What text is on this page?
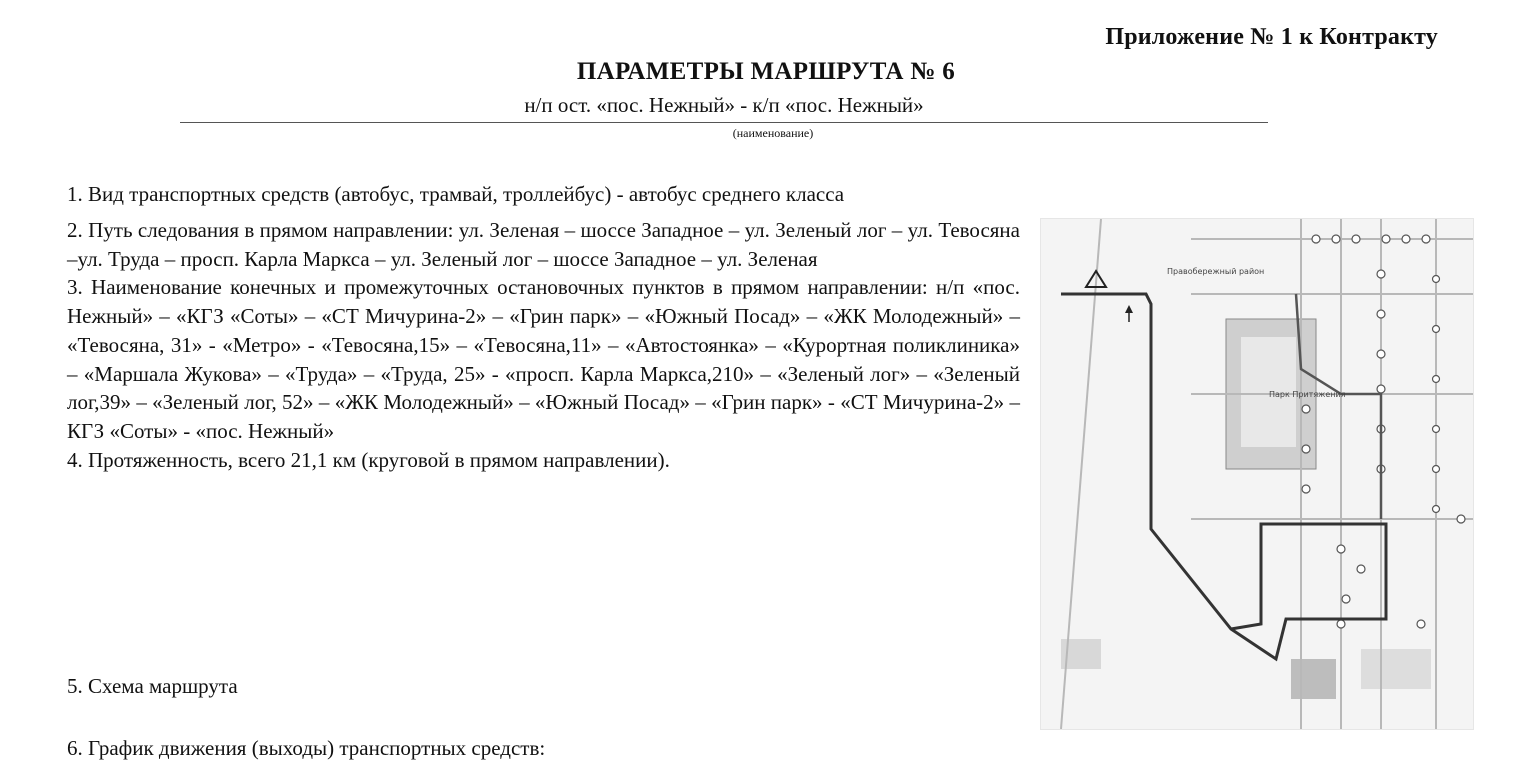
Приложение № 1 к Контракту
ПАРАМЕТРЫ МАРШРУТА № 6
н/п ост. «пос. Нежный» - к/п «пос. Нежный»
(наименование)
1. Вид транспортных средств (автобус, трамвай, троллейбус) - автобус среднего класса
2. Путь следования в прямом направлении: ул. Зеленая – шоссе Западное – ул. Зеленый лог – ул. Тевосяна –ул. Труда – просп. Карла Маркса – ул. Зеленый лог – шоссе Западное – ул. Зеленая
3. Наименование конечных и промежуточных остановочных пунктов в прямом направлении: н/п «пос. Нежный» – «КГЗ «Соты» – «СТ Мичурина-2» – «Грин парк» – «Южный Посад» – «ЖК Молодежный» – «Тевосяна, 31» - «Метро» - «Тевосяна,15» – «Тевосяна,11» – «Автостоянка» – «Курортная поликлиника» – «Маршала Жукова» – «Труда» – «Труда, 25» - «просп. Карла Маркса,210» – «Зеленый лог» – «Зеленый лог,39» – «Зеленый лог, 52» – «ЖК Молодежный» – «Южный Посад» – «Грин парк» - «СТ Мичурина-2» – КГЗ «Соты» - «пос. Нежный»
4. Протяженность, всего 21,1 км (круговой в прямом направлении).
5. Схема маршрута
6. График движения (выходы) транспортных средств:
Правобережный район
Парк Притяжения
